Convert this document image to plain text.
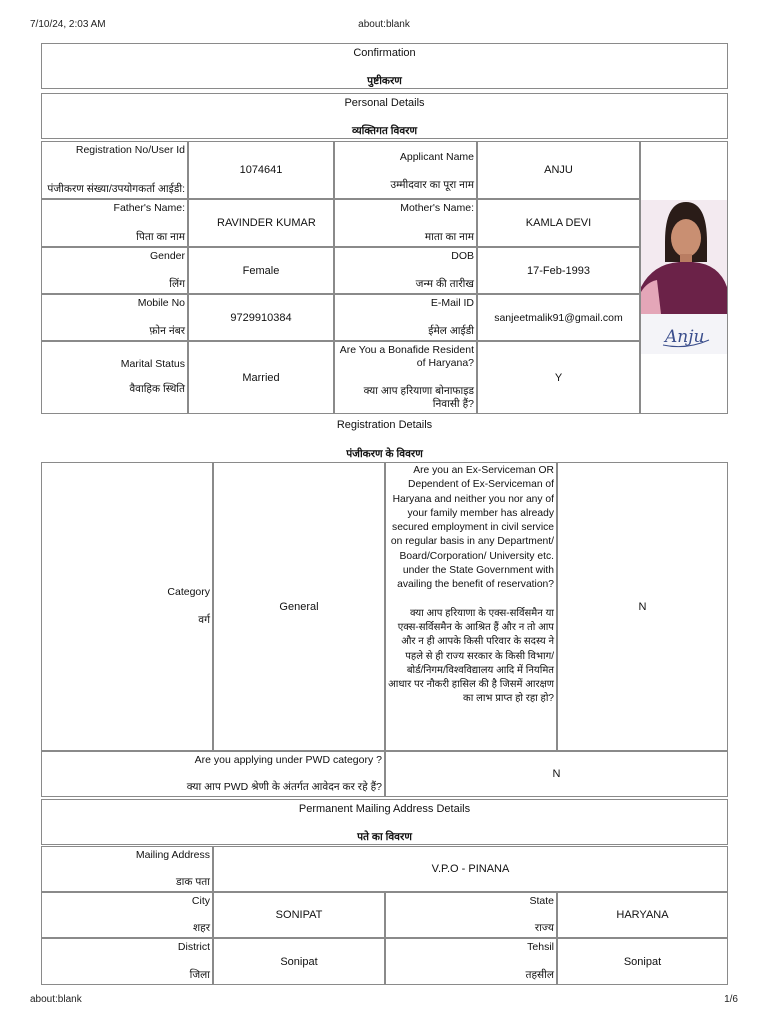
7/10/24, 2:03 AM	about:blank
Confirmation
पुष्टीकरण
Personal Details
व्यक्तिगत विवरण
Registration No/User Id
पंजीकरण संख्या/उपयोगकर्ता आईडी:
1074641
Applicant Name
उम्मीदवार का पूरा नाम
ANJU
Father's Name:
पिता का नाम
RAVINDER KUMAR
Mother's Name:
माता का नाम
KAMLA DEVI
Gender
लिंग
Female
DOB
जन्म की तारीख
17-Feb-1993
Mobile No
फ़ोन नंबर
9729910384
E-Mail ID
ईमेल आईडी
sanjeetmalik91@gmail.com
Marital Status
वैवाहिक स्थिति
Married
Are You a Bonafide Resident of Haryana?
क्या आप हरियाणा बोनाफाइड निवासी हैं?
Y
Anju
Registration Details
पंजीकरण के विवरण
Category
वर्ग
General
Are you an Ex-Serviceman OR Dependent of Ex-Serviceman of Haryana and neither you nor any of your family member has already secured employment in civil service on regular basis in any Department/ Board/Corporation/ University etc. under the State Government with availing the benefit of reservation?
क्या आप हरियाणा के एक्स-सर्विसमैन या एक्स-सर्विसमैन के आश्रित हैं और न तो आप और न ही आपके किसी परिवार के सदस्य ने पहले से ही राज्य सरकार के किसी विभाग/ बोर्ड/निगम/विश्वविद्यालय आदि में नियमित आधार पर नौकरी हासिल की है जिसमें आरक्षण का लाभ प्राप्त हो रहा हो?
N
Are you applying under PWD category ?
क्या आप PWD श्रेणी के अंतर्गत आवेदन कर रहे हैं?
N
Permanent Mailing Address Details
पते का विवरण
Mailing Address
डाक पता
V.P.O - PINANA
City
शहर
SONIPAT
State
राज्य
HARYANA
District
जिला
Sonipat
Tehsil
तहसील
Sonipat
about:blank	1/6
